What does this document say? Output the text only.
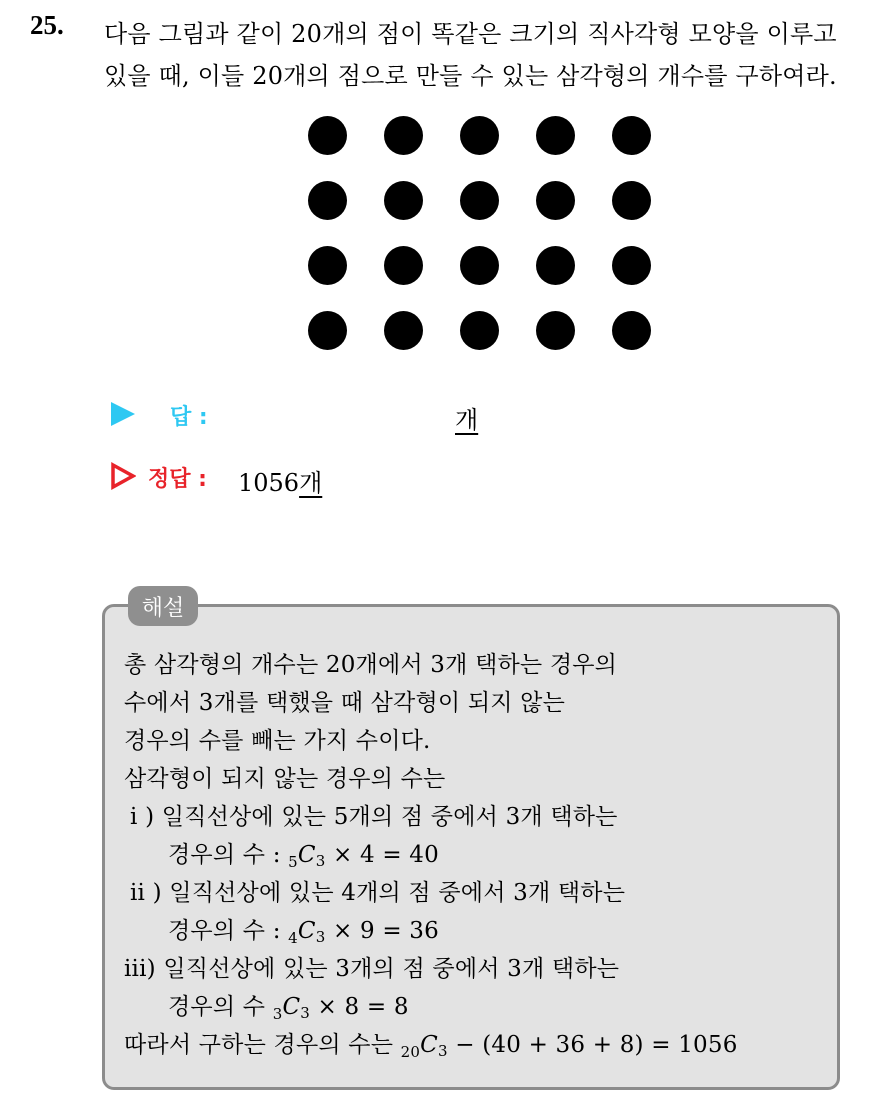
25. 다음 그림과 같이 20개의 점이 똑같은 크기의 직사각형 모양을 이루고
있을 때, 이들 20개의 점으로 만들 수 있는 삼각형의 개수를 구하여라.
답 :	개
정답 : 1056개
해설
총 삼각형의 개수는 20개에서 3개 택하는 경우의
수에서 3개를 택했을 때 삼각형이 되지 않는
경우의 수를 빼는 가지 수이다.
삼각형이 되지 않는 경우의 수는
i ) 일직선상에 있는 5개의 점 중에서 3개 택하는
경우의 수 : $_5C_3 \times 4 = 40$
ii ) 일직선상에 있는 4개의 점 중에서 3개 택하는
경우의 수 : $_4C_3 \times 9 = 36$
iii) 일직선상에 있는 3개의 점 중에서 3개 택하는
경우의 수 $_3C_3 \times 8 = 8$
따라서 구하는 경우의 수는 $_{20}C_3 - (40 + 36 + 8) = 1056$
